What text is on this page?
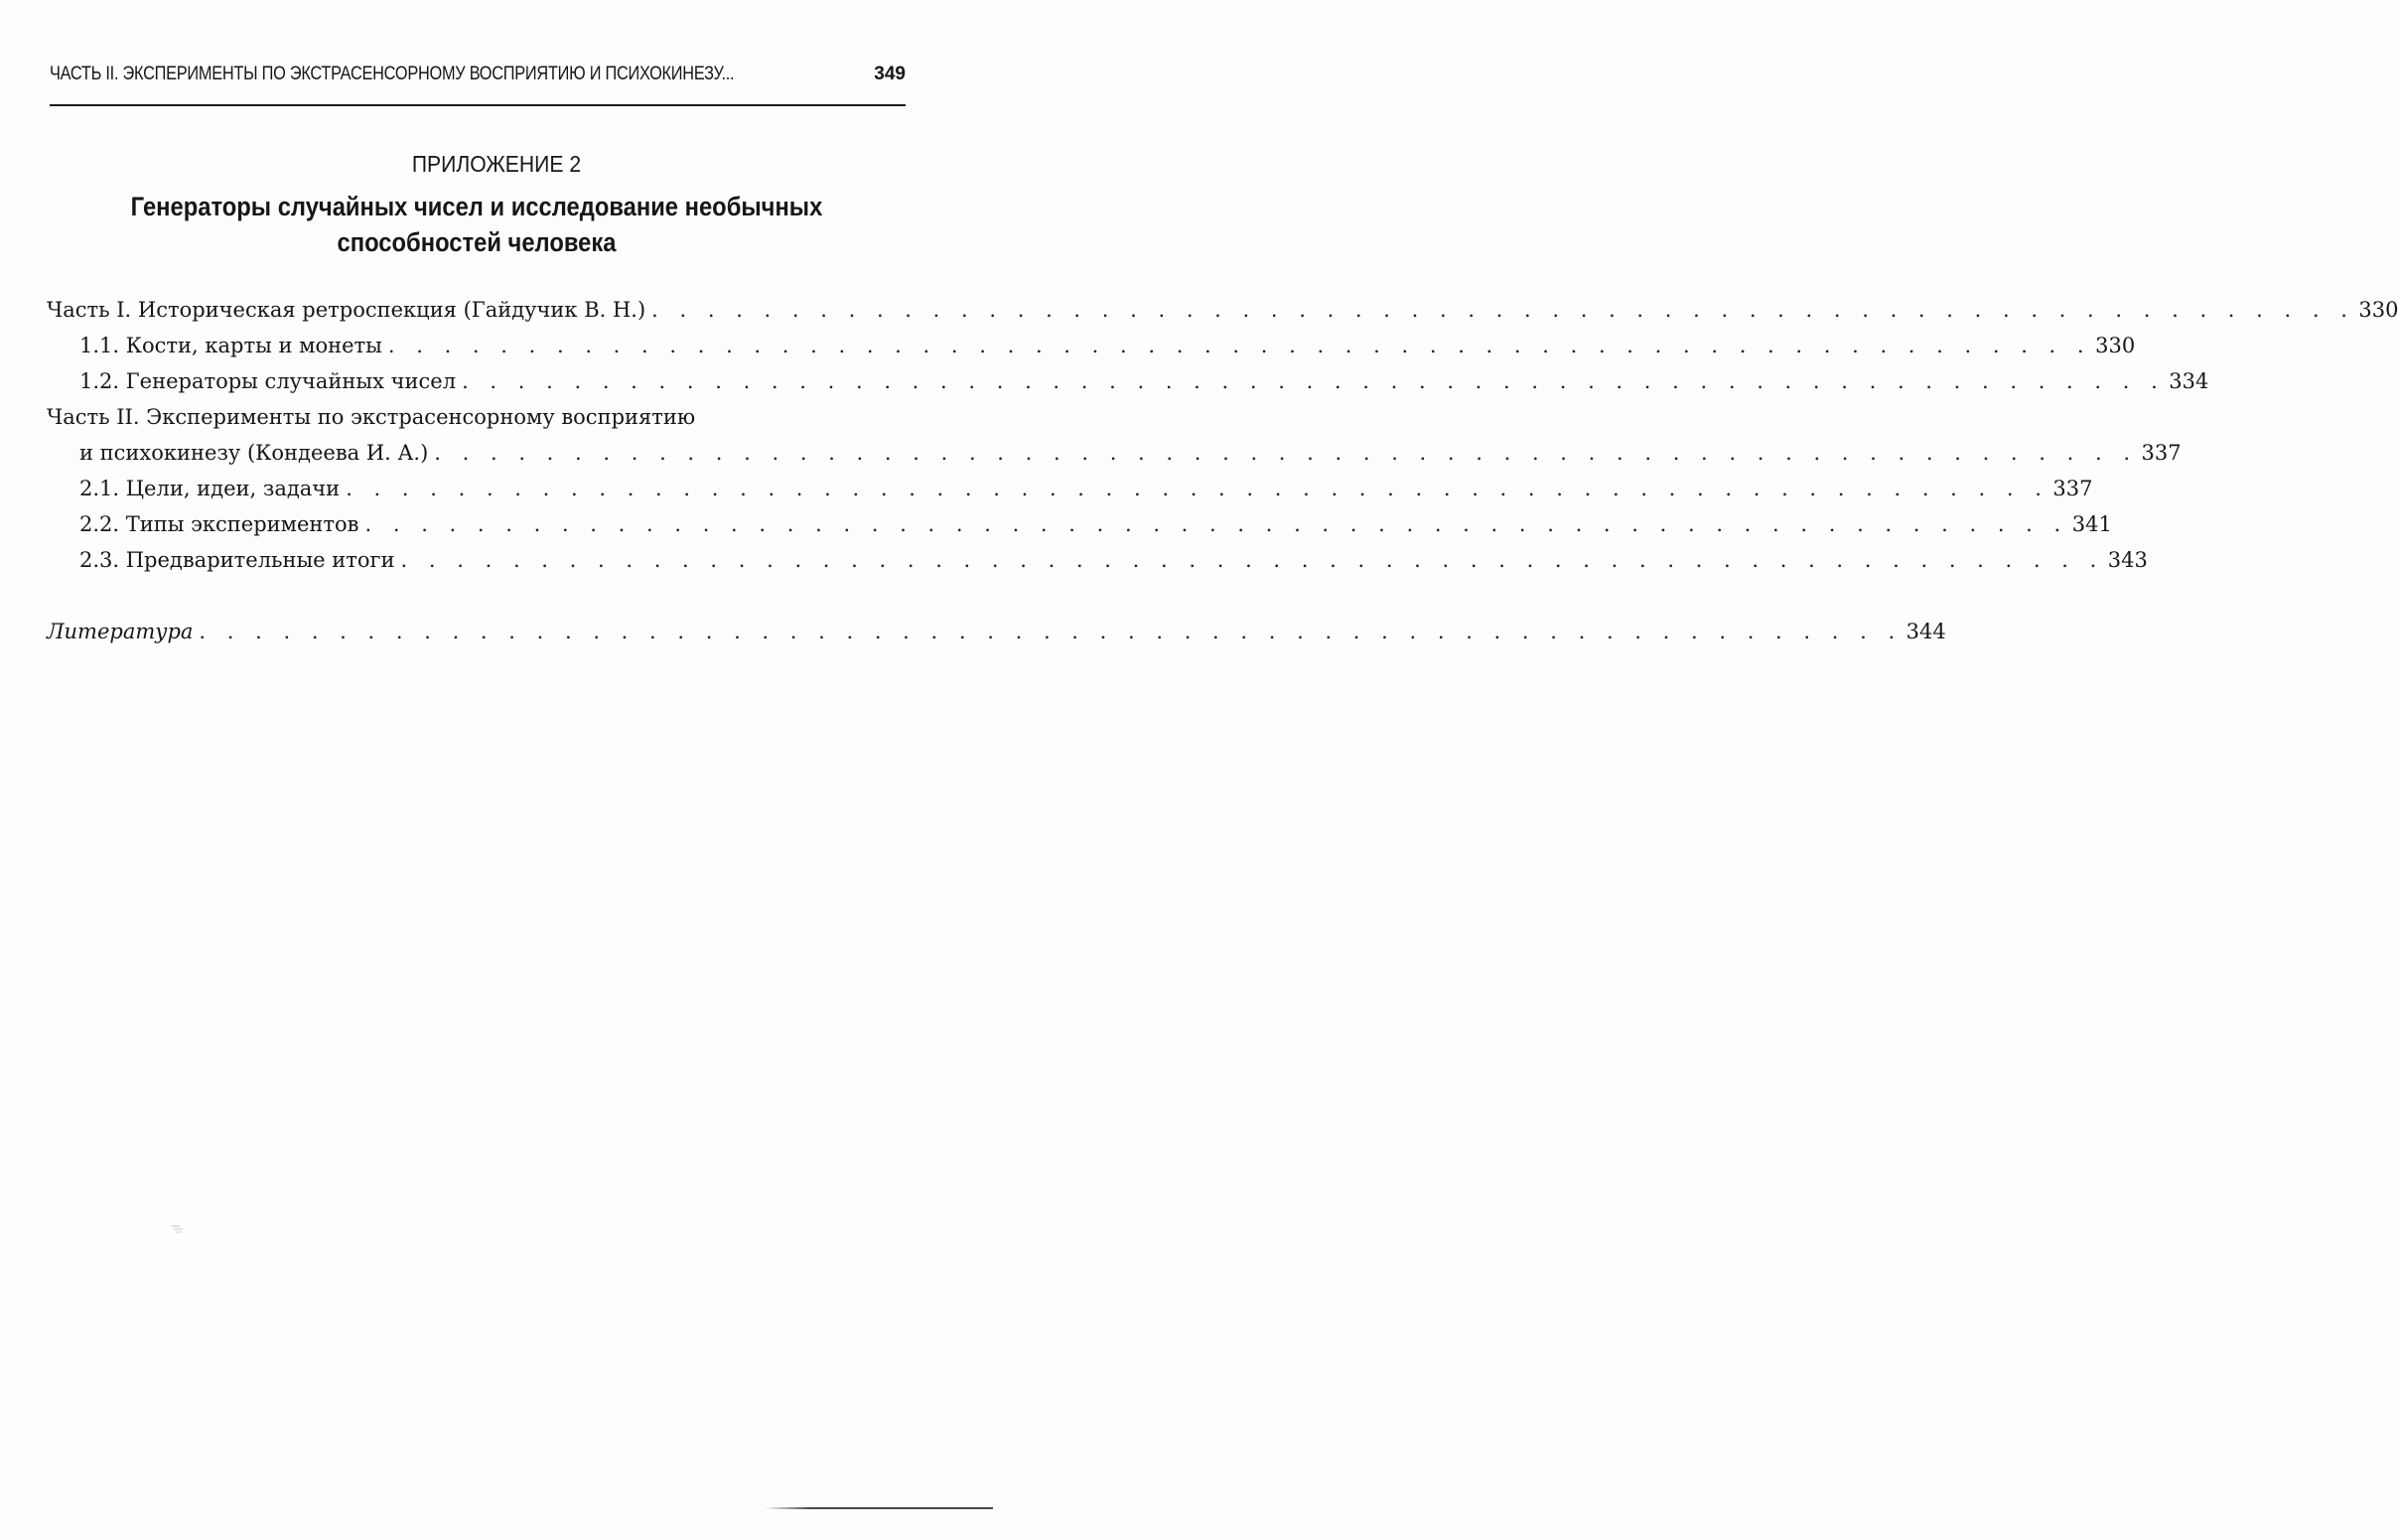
ЧАСТЬ II. ЭКСПЕРИМЕНТЫ ПО ЭКСТРАСЕНСОРНОМУ ВОСПРИЯТИЮ И ПСИХОКИНЕЗУ...	349
ПРИЛОЖЕНИЕ 2
Генераторы случайных чисел и исследование необычных
способностей человека
Часть I. Историческая ретроспекция (Гайдучик В. Н.) . . . . . . . . . . . . . . . . . . . . . . . . . . . . . . . . . . . . . . . . . . . . . . . . . . . . . . . . . . . . . 330
1.1. Кости, карты и монеты . . . . . . . . . . . . . . . . . . . . . . . . . . . . . . . . . . . . . . . . . . . . . . . . . . . . . . . . . . . . . 330
1.2. Генераторы случайных чисел . . . . . . . . . . . . . . . . . . . . . . . . . . . . . . . . . . . . . . . . . . . . . . . . . . . . . . . . . . . . . 334
Часть II. Эксперименты по экстрасенсорному восприятию
и психокинезу (Кондеева И. А.) . . . . . . . . . . . . . . . . . . . . . . . . . . . . . . . . . . . . . . . . . . . . . . . . . . . . . . . . . . . . . 337
2.1. Цели, идеи, задачи . . . . . . . . . . . . . . . . . . . . . . . . . . . . . . . . . . . . . . . . . . . . . . . . . . . . . . . . . . . . . 337
2.2. Типы экспериментов . . . . . . . . . . . . . . . . . . . . . . . . . . . . . . . . . . . . . . . . . . . . . . . . . . . . . . . . . . . . . 341
2.3. Предварительные итоги . . . . . . . . . . . . . . . . . . . . . . . . . . . . . . . . . . . . . . . . . . . . . . . . . . . . . . . . . . . . . 343
Литература . . . . . . . . . . . . . . . . . . . . . . . . . . . . . . . . . . . . . . . . . . . . . . . . . . . . . . . . . . . . . 344
